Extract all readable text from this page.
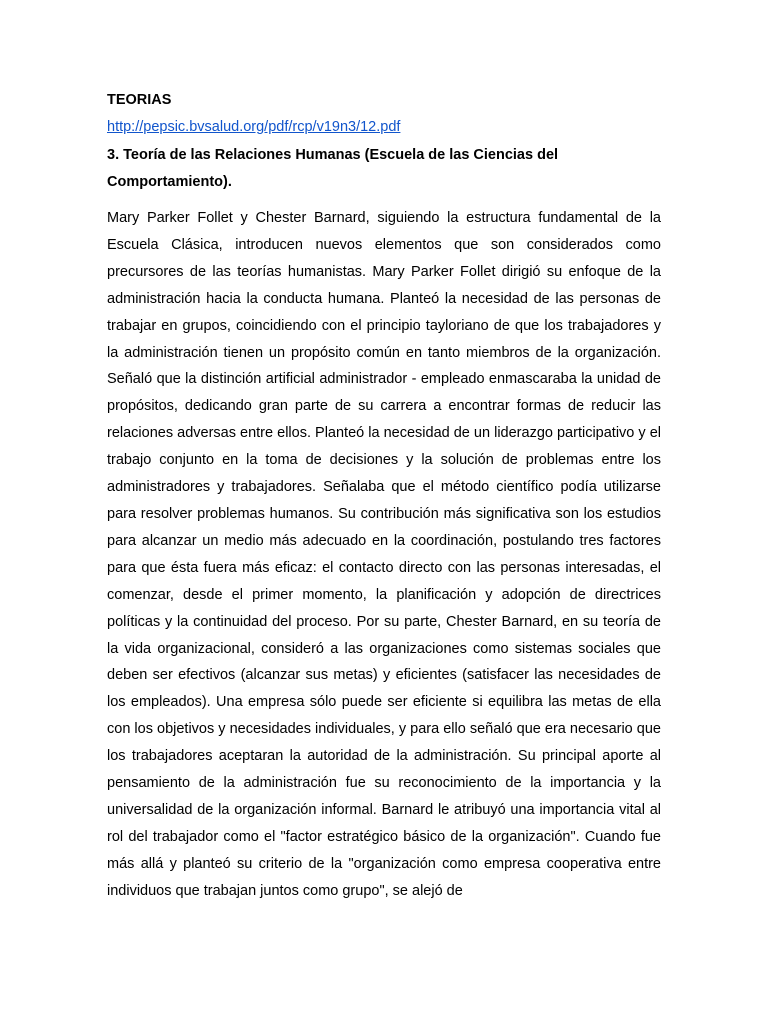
TEORIAS
http://pepsic.bvsalud.org/pdf/rcp/v19n3/12.pdf
3. Teoría de las Relaciones Humanas (Escuela de las Ciencias del Comportamiento).

Mary Parker Follet y Chester Barnard, siguiendo la estructura fundamental de la Escuela Clásica, introducen nuevos elementos que son considerados como precursores de las teorías humanistas. Mary Parker Follet dirigió su enfoque de la administración hacia la conducta humana. Planteó la necesidad de las personas de trabajar en grupos, coincidiendo con el principio tayloriano de que los trabajadores y la administración tienen un propósito común en tanto miembros de la organización. Señaló que la distinción artificial administrador - empleado enmascaraba la unidad de propósitos, dedicando gran parte de su carrera a encontrar formas de reducir las relaciones adversas entre ellos. Planteó la necesidad de un liderazgo participativo y el trabajo conjunto en la toma de decisiones y la solución de problemas entre los administradores y trabajadores. Señalaba que el método científico podía utilizarse para resolver problemas humanos. Su contribución más significativa son los estudios para alcanzar un medio más adecuado en la coordinación, postulando tres factores para que ésta fuera más eficaz: el contacto directo con las personas interesadas, el comenzar, desde el primer momento, la planificación y adopción de directrices políticas y la continuidad del proceso. Por su parte, Chester Barnard, en su teoría de la vida organizacional, consideró a las organizaciones como sistemas sociales que deben ser efectivos (alcanzar sus metas) y eficientes (satisfacer las necesidades de los empleados). Una empresa sólo puede ser eficiente si equilibra las metas de ella con los objetivos y necesidades individuales, y para ello señaló que era necesario que los trabajadores aceptaran la autoridad de la administración. Su principal aporte al pensamiento de la administración fue su reconocimiento de la importancia y la universalidad de la organización informal. Barnard le atribuyó una importancia vital al rol del trabajador como el "factor estratégico básico de la organización". Cuando fue más allá y planteó su criterio de la "organización como empresa cooperativa entre individuos que trabajan juntos como grupo", se alejó de
